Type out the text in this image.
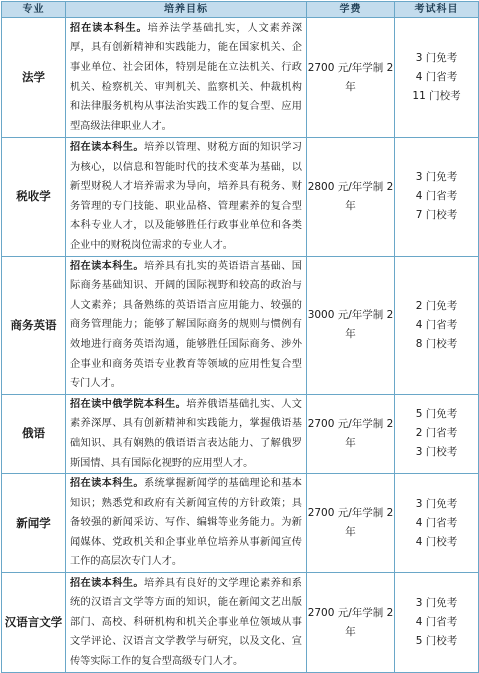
专业	培养目标	学费	考试科目
法学	招在读本科生。培养法学基础扎实，人文素养深厚，具有创新精神和实践能力，能在国家机关、企事业单位、社会团体，特别是能在立法机关、行政机关、检察机关、审判机关、监察机关、仲裁机构和法律服务机构从事法治实践工作的复合型、应用型高级法律职业人才。	2700 元/年学制 2 年	3 门免考
4 门省考
11 门校考

税收学	招在读本科生。培养以管理、财税方面的知识学习为核心，以信息和智能时代的技术变革为基础，以新型财税人才培养需求为导向，培养具有税务、财务管理的专门技能、职业品格、管理素养的复合型本科专业人才，以及能够胜任行政事业单位和各类企业中的财税岗位需求的专业人才。	2800 元/年学制 2 年	3 门免考
4 门省考
7 门校考

商务英语	招在读本科生。培养具有扎实的英语语言基础、国际商务基础知识、开阔的国际视野和较高的政治与人文素养；具备熟练的英语语言应用能力、较强的商务管理能力；能够了解国际商务的规则与惯例有效地进行商务英语沟通，能够胜任国际商务、涉外企事业和商务英语专业教育等领域的应用性复合型专门人才。	3000 元/年学制 2 年	2 门免考
4 门省考
8 门校考

俄语	招在读中俄学院本科生。培养俄语基础扎实、人文素养深厚、具有创新精神和实践能力，掌握俄语基础知识、具有娴熟的俄语语言表达能力、了解俄罗斯国情、具有国际化视野的应用型人才。	2700 元/年学制 2 年	5 门免考
2 门省考
3 门校考

新闻学	招在读本科生。系统掌握新闻学的基础理论和基本知识；熟悉党和政府有关新闻宣传的方针政策；具备较强的新闻采访、写作、编辑等业务能力。为新闻媒体、党政机关和企事业单位培养从事新闻宣传工作的高层次专门人才。	2700 元/年学制 2 年	3 门免考
4 门省考
4 门校考

汉语言文学	招在读本科生。培养具有良好的文学理论素养和系统的汉语言文学等方面的知识，能在新闻文艺出版部门、高校、科研机构和机关企事业单位领域从事文学评论、汉语言文学教学与研究，以及文化、宣传等实际工作的复合型高级专门人才。	2700 元/年学制 2 年	3 门免考
4 门省考
5 门校考
